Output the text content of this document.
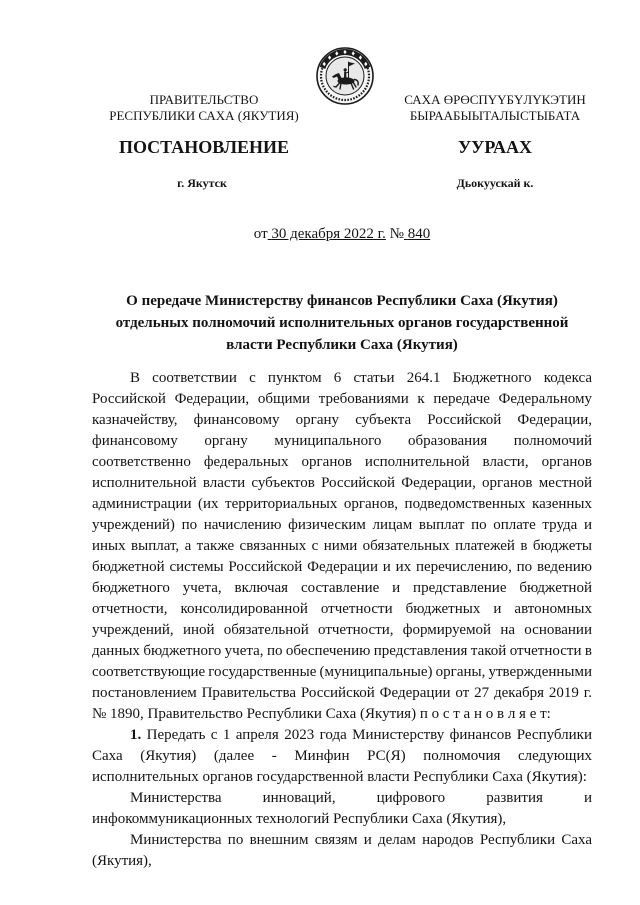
ПРАВИТЕЛЬСТВО
РЕСПУБЛИКИ САХА (ЯКУТИЯ)
САХА ӨРӨСПҮҮБҮЛҮКЭТИН
БЫРААБЫЫТАЛЫСТЫБАТА
ПОСТАНОВЛЕНИЕ	УУРААХ
г. Якутск	Дьокуускай к.
от 30 декабря 2022 г. № 840
О передаче Министерству финансов Республики Саха (Якутия)
отдельных полномочий исполнительных органов государственной
власти Республики Саха (Якутия)
В соответствии с пунктом 6 статьи 264.1 Бюджетного кодекса
Российской Федерации, общими требованиями к передаче Федеральному
казначейству, финансовому органу субъекта Российской Федерации,
финансовому органу муниципального образования полномочий
соответственно федеральных органов исполнительной власти, органов
исполнительной власти субъектов Российской Федерации, органов местной
администрации (их территориальных органов, подведомственных казенных
учреждений) по начислению физическим лицам выплат по оплате труда и
иных выплат, а также связанных с ними обязательных платежей в бюджеты
бюджетной системы Российской Федерации и их перечислению, по ведению
бюджетного учета, включая составление и представление бюджетной
отчетности, консолидированной отчетности бюджетных и автономных
учреждений, иной обязательной отчетности, формируемой на основании
данных бюджетного учета, по обеспечению представления такой отчетности в
соответствующие государственные (муниципальные) органы, утвержденными
постановлением Правительства Российской Федерации от 27 декабря 2019 г.
№ 1890, Правительство Республики Саха (Якутия) п о с т а н о в л я е т:
1. Передать с 1 апреля 2023 года Министерству финансов Республики
Саха (Якутия) (далее - Минфин РС(Я) полномочия следующих
исполнительных органов государственной власти Республики Саха (Якутия):
Министерства инноваций, цифрового развития и
инфокоммуникационных технологий Республики Саха (Якутия),
Министерства по внешним связям и делам народов Республики Саха
(Якутия),
